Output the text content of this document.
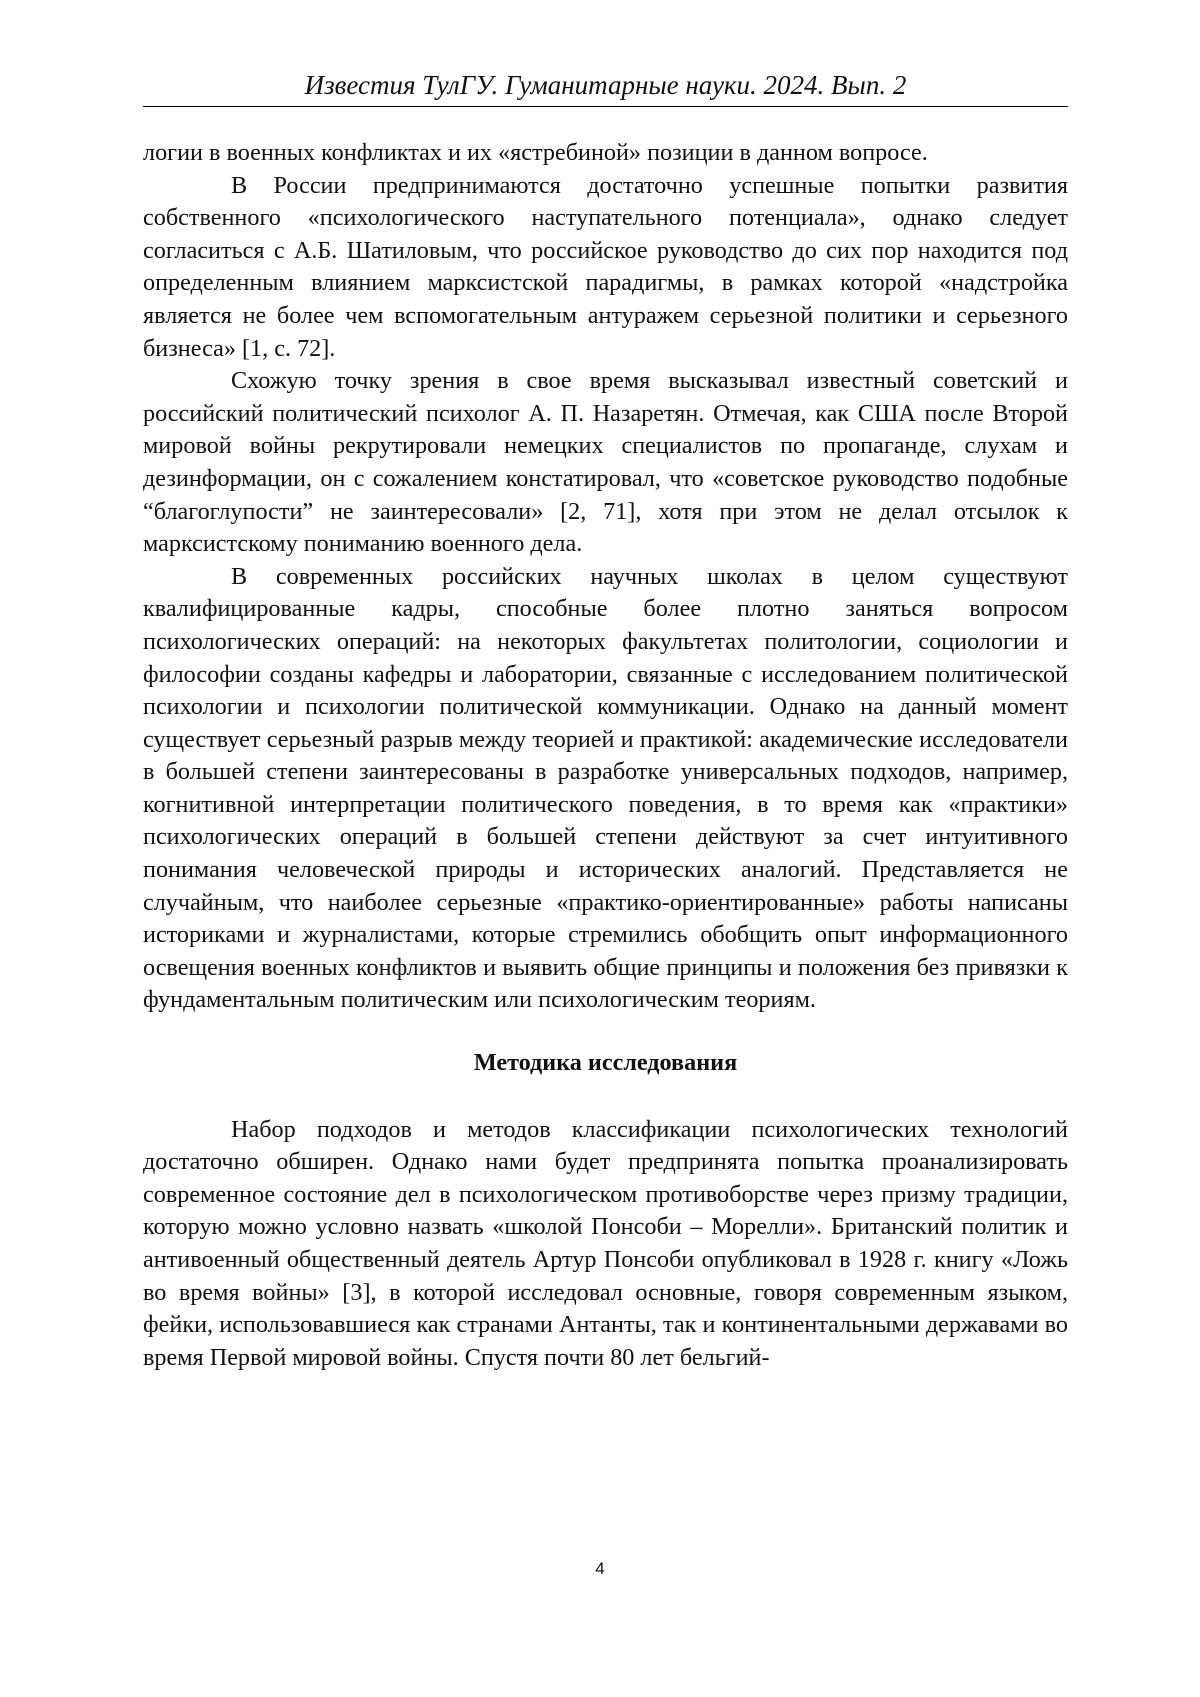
Известия ТулГУ. Гуманитарные науки. 2024. Вып. 2

логии в военных конфликтах и их «ястребиной» позиции в данном вопросе.

В России предпринимаются достаточно успешные попытки развития собственного «психологического наступательного потенциала», однако следует согласиться с А.Б. Шатиловым, что российское руководство до сих пор находится под определенным влиянием марксистской парадигмы, в рамках которой «надстройка является не более чем вспомогательным антуражем серьезной политики и серьезного бизнеса» [1, с. 72].

Схожую точку зрения в свое время высказывал известный советский и российский политический психолог А. П. Назаретян. Отмечая, как США после Второй мировой войны рекрутировали немецких специалистов по пропаганде, слухам и дезинформации, он с сожалением констатировал, что «советское руководство подобные “благоглупости” не заинтересовали» [2, 71], хотя при этом не делал отсылок к марксистскому пониманию военного дела.

В современных российских научных школах в целом существуют квалифицированные кадры, способные более плотно заняться вопросом психологических операций: на некоторых факультетах политологии, социологии и философии созданы кафедры и лаборатории, связанные с исследованием политической психологии и психологии политической коммуникации. Однако на данный момент существует серьезный разрыв между теорией и практикой: академические исследователи в большей степени заинтересованы в разработке универсальных подходов, например, когнитивной интерпретации политического поведения, в то время как «практики» психологических операций в большей степени действуют за счет интуитивного понимания человеческой природы и исторических аналогий. Представляется не случайным, что наиболее серьезные «практико-ориентированные» работы написаны историками и журналистами, которые стремились обобщить опыт информационного освещения военных конфликтов и выявить общие принципы и положения без привязки к фундаментальным политическим или психологическим теориям.

Методика исследования

Набор подходов и методов классификации психологических технологий достаточно обширен. Однако нами будет предпринята попытка проанализировать современное состояние дел в психологическом противоборстве через призму традиции, которую можно условно назвать «школой Понсоби – Морелли». Британский политик и антивоенный общественный деятель Артур Понсоби опубликовал в 1928 г. книгу «Ложь во время войны» [3], в которой исследовал основные, говоря современным языком, фейки, использовавшиеся как странами Антанты, так и континентальными державами во время Первой мировой войны. Спустя почти 80 лет бельгий-

4
